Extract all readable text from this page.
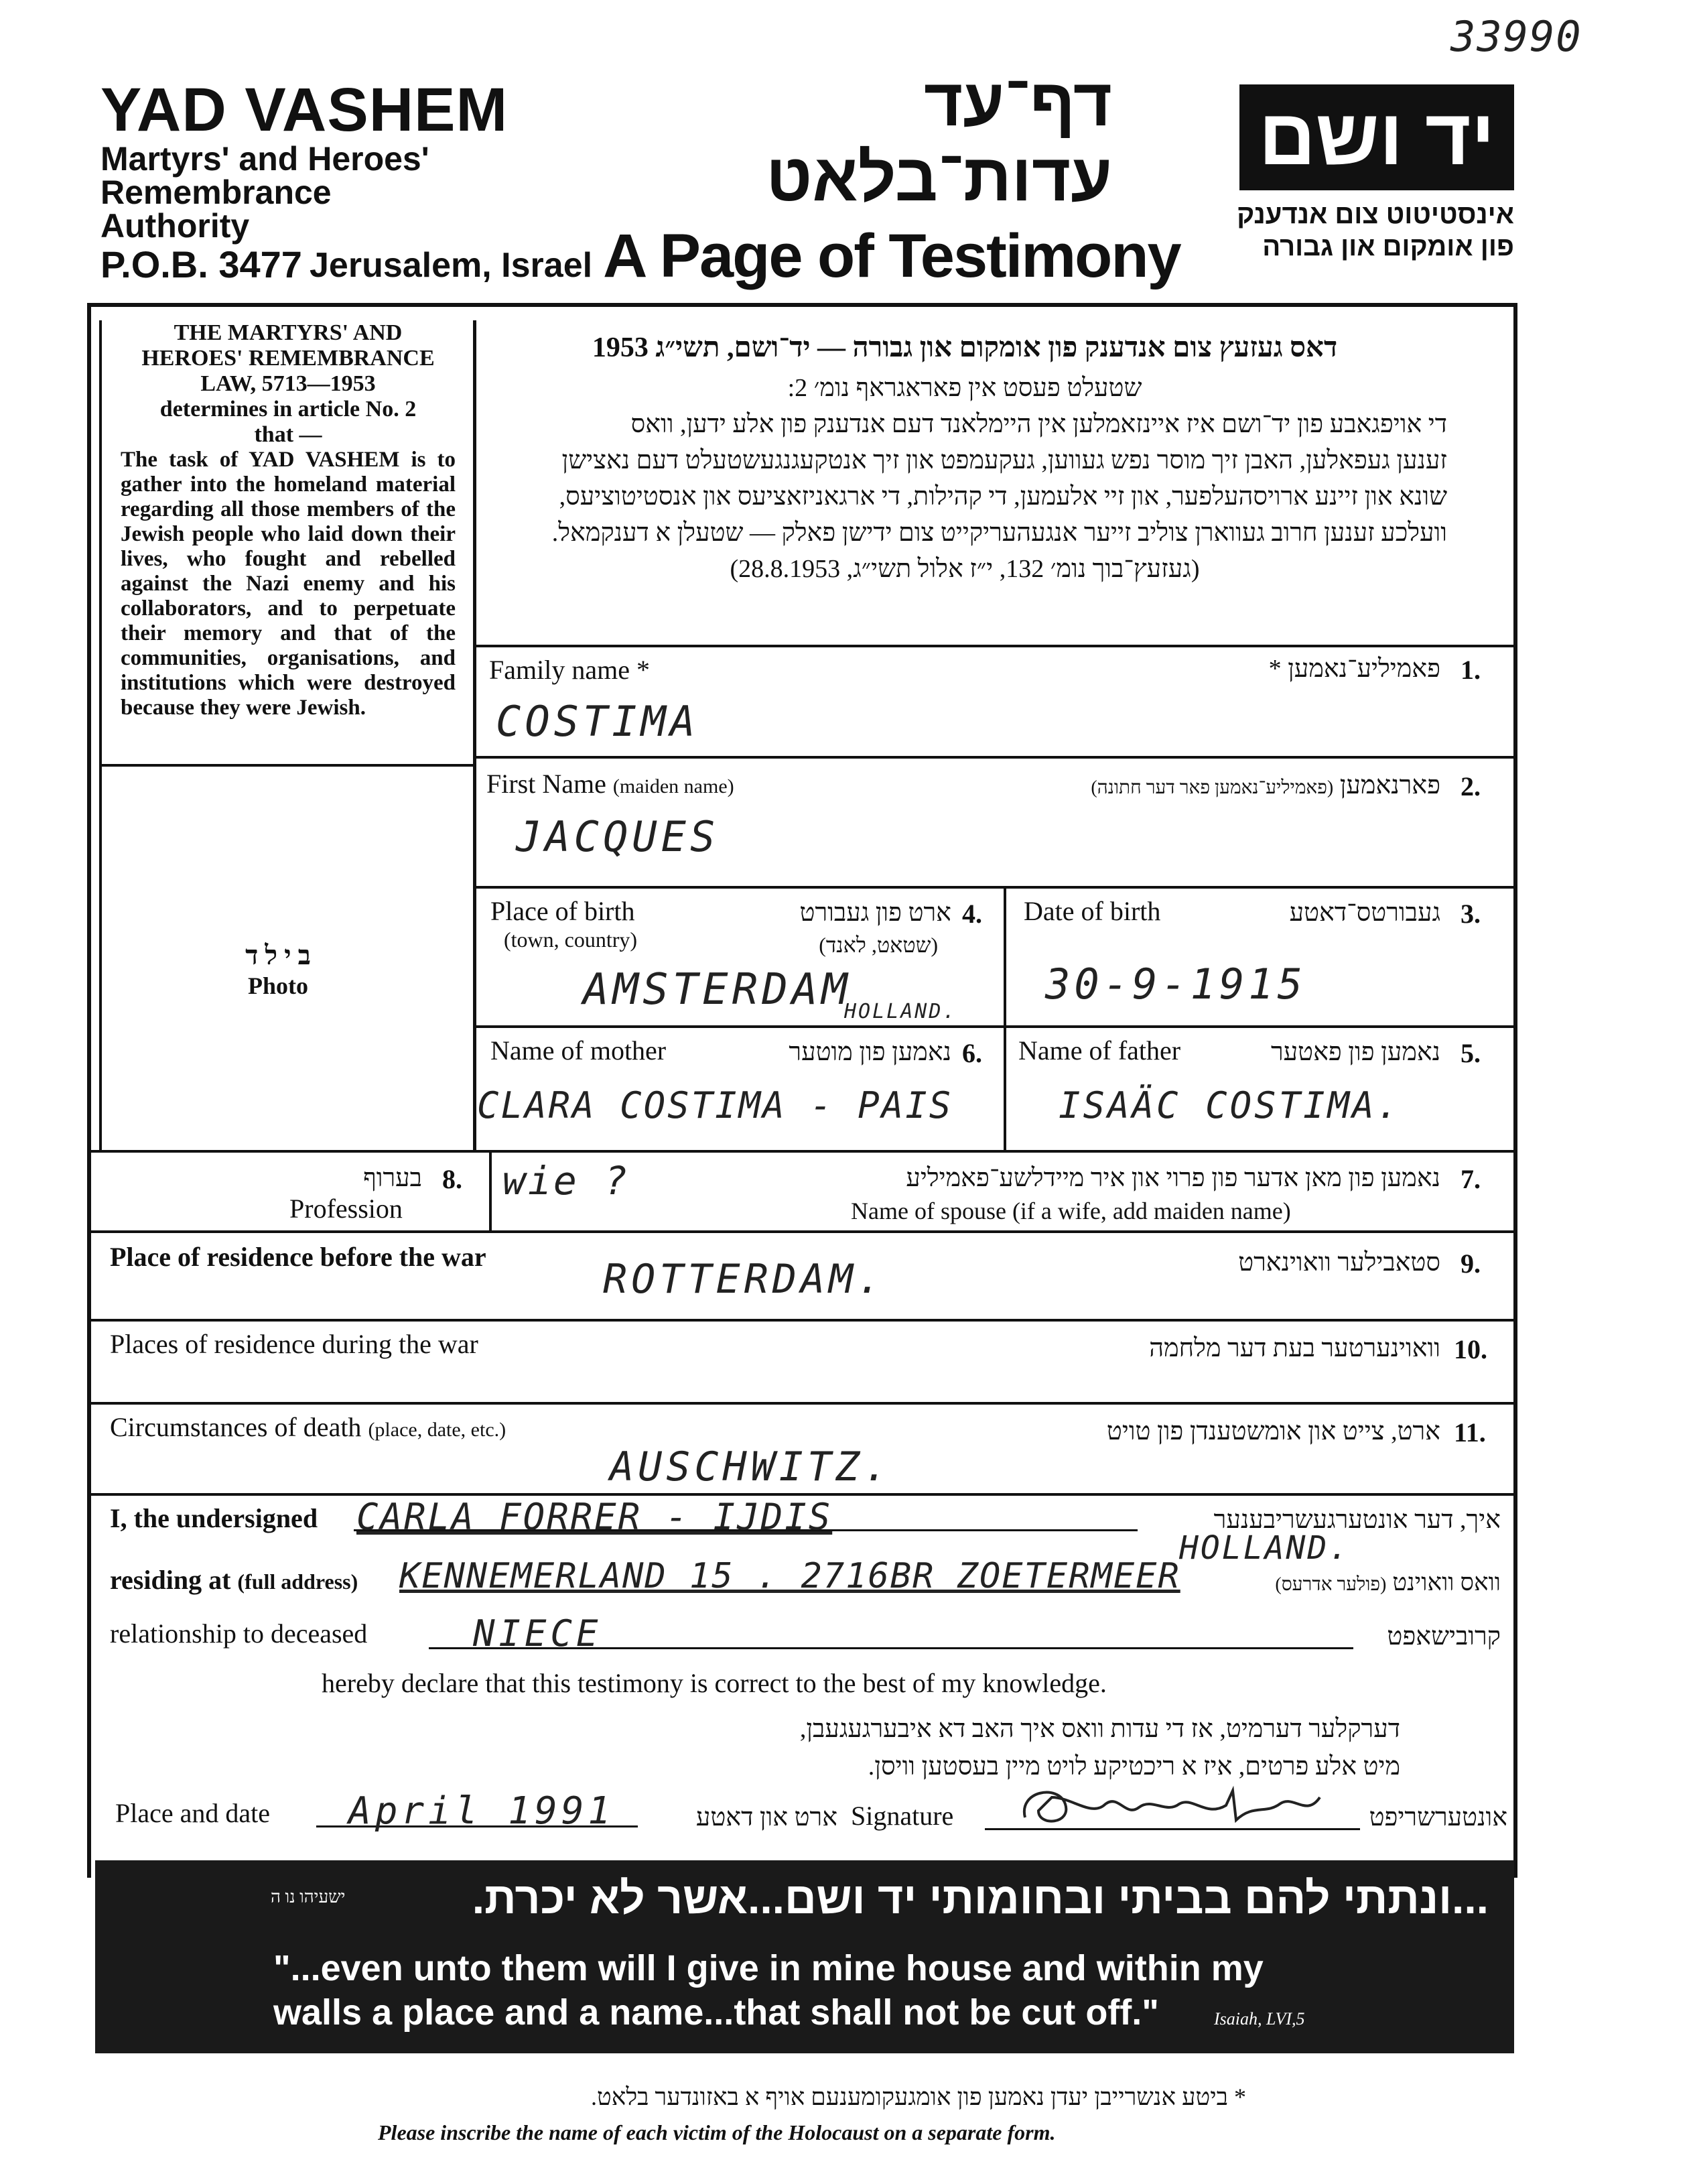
33990
YAD VASHEM
Martyrs' and Heroes'
Remembrance
Authority
P.O.B. 3477 Jerusalem, Israel
דף־עד
עדות־בלאט
A Page of Testimony
יד ושם
אינסטיטוט צום אנדענק
פון אומקום און גבורה
THE MARTYRS' AND
HEROES' REMEMBRANCE
LAW, 5713—1953
determines in article No. 2
that —
The task of YAD VASHEM is to gather into the homeland material regarding all those members of the Jewish people who laid down their lives, who fought and rebelled against the Nazi enemy and his collaborators, and to perpetuate their memory and that of the communities, organisations, and institutions which were destroyed because they were Jewish.
ב י ל ד
Photo
דאס געזעץ צום אנדענק פון אומקום און גבורה — יד־ושם, תשי״ג 1953
שטעלט פעסט אין פאראגראף נומ׳ 2:
די אויפגאבע פון יד־ושם איז איינזאמלען אין היימלאנד דעם אנדענק פון אלע ידען, וואס
זענען געפאלען, האבן זיך מוסר נפש געווען, געקעמפט און זיך אנטקעגנגעשטעלט דעם נאצישן
שונא און זיינע ארויסהעלפער, און זיי אלעמען, די קהילות, די ארגאניזאציעס און אנסטיטוציעס,
וועלכע זענען חרוב געווארן צוליב זייער אנגעהעריקייט צום ידישן פאלק — שטעלן א דענקמאל.
(געזעץ־בוך נומ׳ 132, י״ז אלול תשי״ג, 28.8.1953)
Family name *	פאמיליע־נאמען * 1.
COSTIMA
First Name (maiden name)	פארנאמען (פאמיליע־נאמען פאר דער חתונה)	2.
JACQUES
Place of birth
(town, country)
ארט פון געבורט
(שטאט, לאנד)
4.
AMSTERDAM
HOLLAND.
Date of birth	געבורטס־דאטע 3.
30-9-1915
Name of mother	נאמען פון מוטער 6.
CLARA COSTIMA - PAIS
Name of father	נאמען פון פאטער 5.
ISAÄC COSTIMA.
בערוף 8.
Profession
wie ?	נאמען פון מאן אדער פון פרוי און איר מיידלשע־פאמיליע 7.
Name of spouse (if a wife, add maiden name)
Place of residence before the war	ROTTERDAM.	סטאבילער וואוינארט 9.
Places of residence during the war	וואוינערטער בעת דער מלחמה 10.
Circumstances of death (place, date, etc.)	ארט, צייט און אומשטענדן פון טויט 11.
AUSCHWITZ.
I, the undersigned CARLA FORRER - IJDIS	איך, דער אונטערגעשריבענער
residing at (full address) KENNEMERLAND 15 . 2716BR ZOETERMEER
HOLLAND.
וואס וואוינט (פולער אדרעס)
relationship to deceased	NIECE	קרובישאפט
hereby declare that this testimony is correct to the best of my knowledge.
דערקלער דערמיט, אז די עדות וואס איך האב דא איבערגעגעבן,
מיט אלע פרטים, איז א ריכטיקע לויט מיין בעסטען וויסן.
Place and date April 1991	ארט און דאטע Signature	אונטערשריפט
ישעיהו נו ה	...ונתתי להם בביתי ובחומותי יד ושם...אשר לא יכרת.
"...even unto them will I give in mine house and within my
walls a place and a name...that shall not be cut off."	Isaiah, LVI,5
* ביטע אנשרייבן יעדן נאמען פון אומגעקומענעם אויף א באזונדער בלאט.
Please inscribe the name of each victim of the Holocaust on a separate form.
